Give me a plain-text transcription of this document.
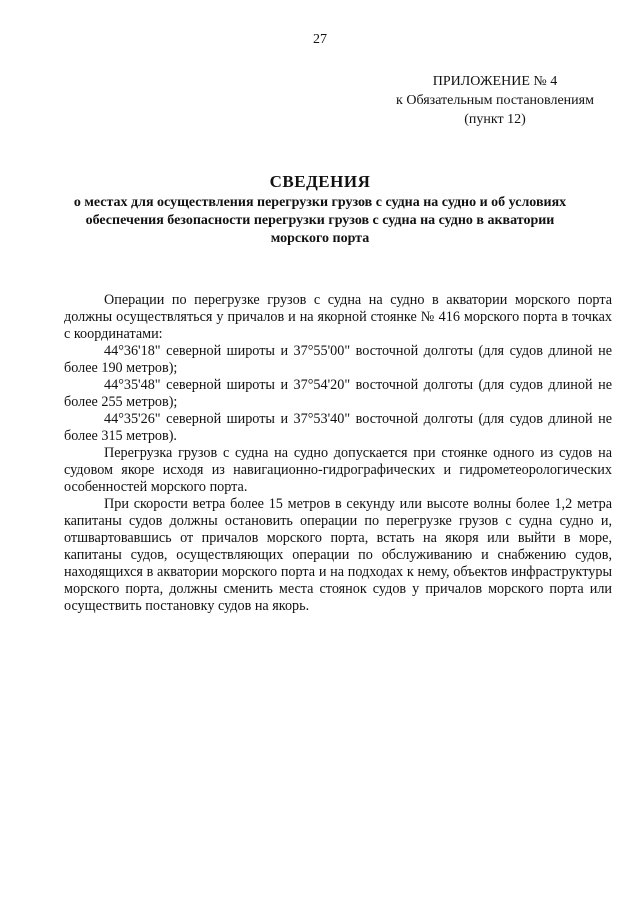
27
ПРИЛОЖЕНИЕ № 4
к Обязательным постановлениям
(пункт 12)
СВЕДЕНИЯ
о местах для осуществления перегрузки грузов с судна на судно и об условиях обеспечения безопасности перегрузки грузов с судна на судно в акватории морского порта

Операции по перегрузке грузов с судна на судно в акватории морского порта должны осуществляться у причалов и на якорной стоянке № 416 морского порта в точках с координатами:

44°36'18" северной широты и 37°55'00" восточной долготы (для судов длиной не более 190 метров);

44°35'48" северной широты и 37°54'20" восточной долготы (для судов длиной не более 255 метров);

44°35'26" северной широты и 37°53'40" восточной долготы (для судов длиной не более 315 метров).

Перегрузка грузов с судна на судно допускается при стоянке одного из судов на судовом якоре исходя из навигационно-гидрографических и гидрометеорологических особенностей морского порта.

При скорости ветра более 15 метров в секунду или высоте волны более 1,2 метра капитаны судов должны остановить операции по перегрузке грузов с судна судно и, отшвартовавшись от причалов морского порта, встать на якоря или выйти в море, капитаны судов, осуществляющих операции по обслуживанию и снабжению судов, находящихся в акватории морского порта и на подходах к нему, объектов инфраструктуры морского порта, должны сменить места стоянок судов у причалов морского порта или осуществить постановку судов на якорь.
